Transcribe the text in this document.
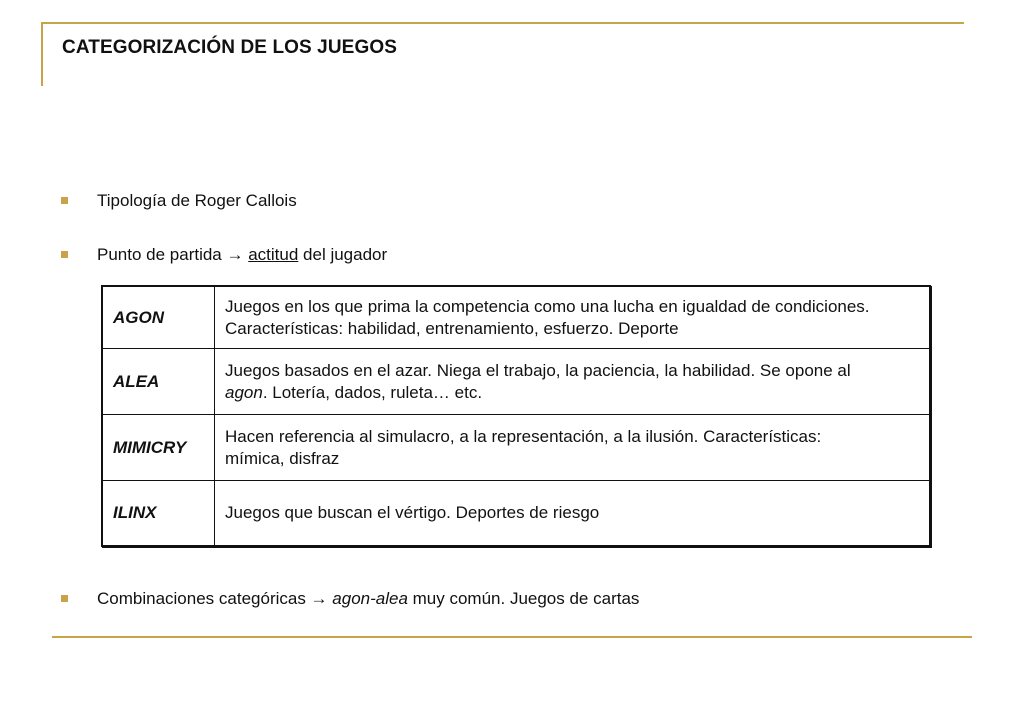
CATEGORIZACIÓN DE LOS JUEGOS
Tipología de Roger Callois
Punto de partida → actitud del jugador
AGON
Juegos en los que prima la competencia como una lucha en igualdad de condiciones.
Características: habilidad, entrenamiento, esfuerzo. Deporte
ALEA
Juegos basados en el azar. Niega el trabajo, la paciencia, la habilidad. Se opone al
agon. Lotería, dados, ruleta… etc.
MIMICRY
Hacen referencia al simulacro, a la representación, a la ilusión. Características:
mímica, disfraz
ILINX	Juegos que buscan el vértigo. Deportes de riesgo
Combinaciones categóricas → agon-alea muy común. Juegos de cartas
